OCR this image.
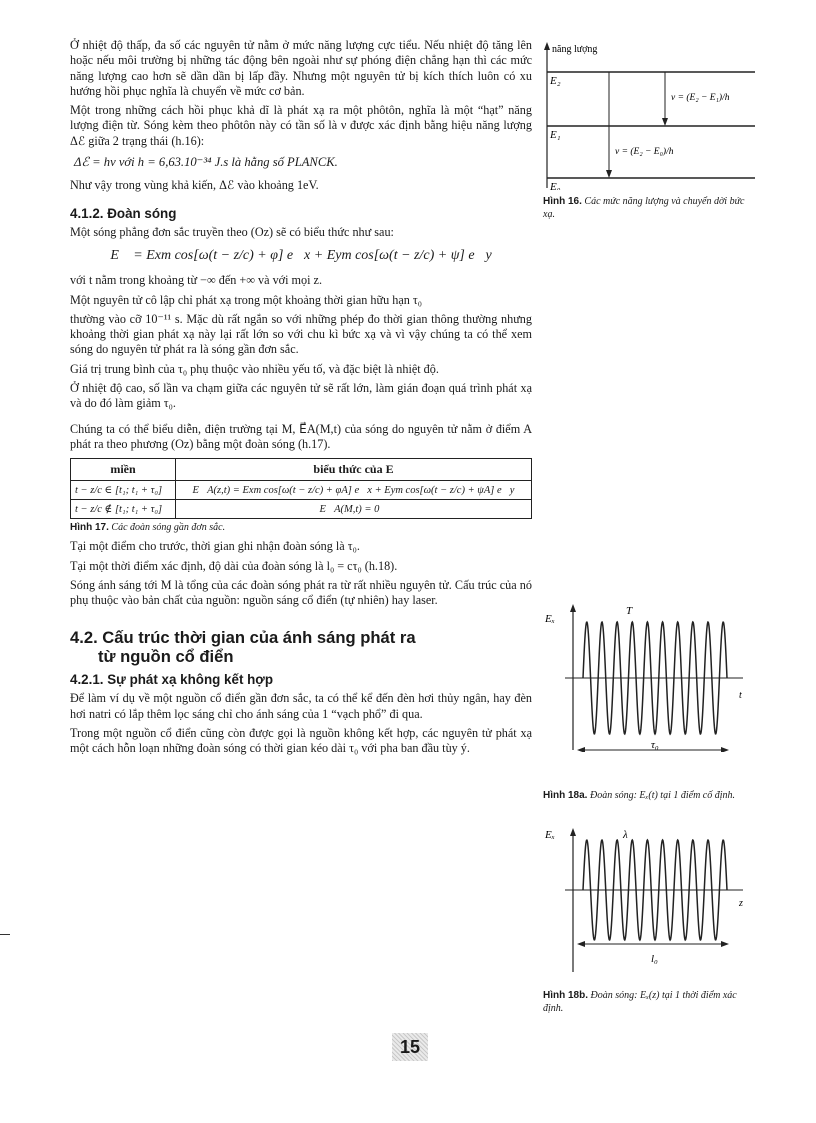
Ở nhiệt độ thấp, đa số các nguyên tử nằm ở mức năng lượng cực tiểu. Nếu nhiệt độ tăng lên hoặc nếu môi trường bị những tác động bên ngoài như sự phóng điện chẳng hạn thì các mức năng lượng cao hơn sẽ dần dần bị lấp đầy. Nhưng một nguyên tử bị kích thích luôn có xu hướng hồi phục nghĩa là chuyển về mức cơ bản.

Một trong những cách hồi phục khả dĩ là phát xạ ra một phôtôn, nghĩa là một “hạt” năng lượng điện từ. Sóng kèm theo phôtôn này có tần số là ν được xác định bằng hiệu năng lượng Δℰ giữa 2 trạng thái (h.16):

Δℰ = hν với h = 6,63.10⁻³⁴ J.s là hằng số PLANCK.

Như vậy trong vùng khả kiến, Δℰ vào khoảng 1eV.

4.1.2. Đoàn sóng

Một sóng phẳng đơn sắc truyền theo (Oz) sẽ có biểu thức như sau:

E⃗ = Exm cos[ω(t − z/c) + φ] e⃗x + Eym cos[ω(t − z/c) + ψ] e⃗y

với t nằm trong khoảng từ −∞ đến +∞ và với mọi z.

Một nguyên tử cô lập chỉ phát xạ trong một khoảng thời gian hữu hạn τ₀

thường vào cỡ 10⁻¹¹ s. Mặc dù rất ngắn so với những phép đo thời gian thông thường nhưng khoảng thời gian phát xạ này lại rất lớn so với chu kì bức xạ và vì vậy chúng ta có thể xem sóng do nguyên tử phát ra là sóng gần đơn sắc.

Giá trị trung bình của τ₀ phụ thuộc vào nhiều yếu tố, và đặc biệt là nhiệt độ.

Ở nhiệt độ cao, số lần va chạm giữa các nguyên tử sẽ rất lớn, làm gián đoạn quá trình phát xạ và do đó làm giảm τ₀.

Chúng ta có thể biểu diễn, điện trường tại M, E⃗A(M,t) của sóng do nguyên tử nằm ở điểm A phát ra theo phương (Oz) bằng một đoàn sóng (h.17).

miền	biểu thức của E
t − z/c ∈ [t₁; t₁ + τ₀]	E⃗A(z,t) = Exm cos[ω(t − z/c) + φA] e⃗x + Eym cos[ω(t − z/c) + ψA] e⃗y
t − z/c ∉ [t₁; t₁ + τ₀]	E⃗A(M,t) = 0⃗
Hình 17. Các đoàn sóng gần đơn sắc.

Tại một điểm cho trước, thời gian ghi nhận đoàn sóng là τ₀.

Tại một thời điểm xác định, độ dài của đoàn sóng là l₀ = cτ₀ (h.18).

Sóng ánh sáng tới M là tổng của các đoàn sóng phát ra từ rất nhiều nguyên tử. Cấu trúc của nó phụ thuộc vào bản chất của nguồn: nguồn sáng cổ điển (tự nhiên) hay laser.

4.2. Cấu trúc thời gian của ánh sáng phát ra
từ nguồn cổ điển
4.2.1. Sự phát xạ không kết hợp

Để làm ví dụ về một nguồn cổ điển gần đơn sắc, ta có thể kể đến đèn hơi thủy ngân, hay đèn hơi natri có lắp thêm lọc sáng chỉ cho ánh sáng của 1 “vạch phổ” đi qua.

Trong một nguồn cổ điển cũng còn được gọi là nguồn không kết hợp, các nguyên tử phát xạ một cách hỗn loạn những đoàn sóng có thời gian kéo dài τ₀ với pha ban đầu tùy ý.

năng lượng
E₂
E₁
E₀
ν = (E₂ − E₁)/h
ν = (E₂ − E₀)/h
Hình 16. Các mức năng lượng và chuyển dời bức xạ.
Eₓ
t
T
τ₀
Hình 18a. Đoàn sóng: Eₓ(t) tại 1 điểm cố định.
Eₓ
z
λ
l₀
Hình 18b. Đoàn sóng: Eₓ(z) tại 1 thời điểm xác định.
15
